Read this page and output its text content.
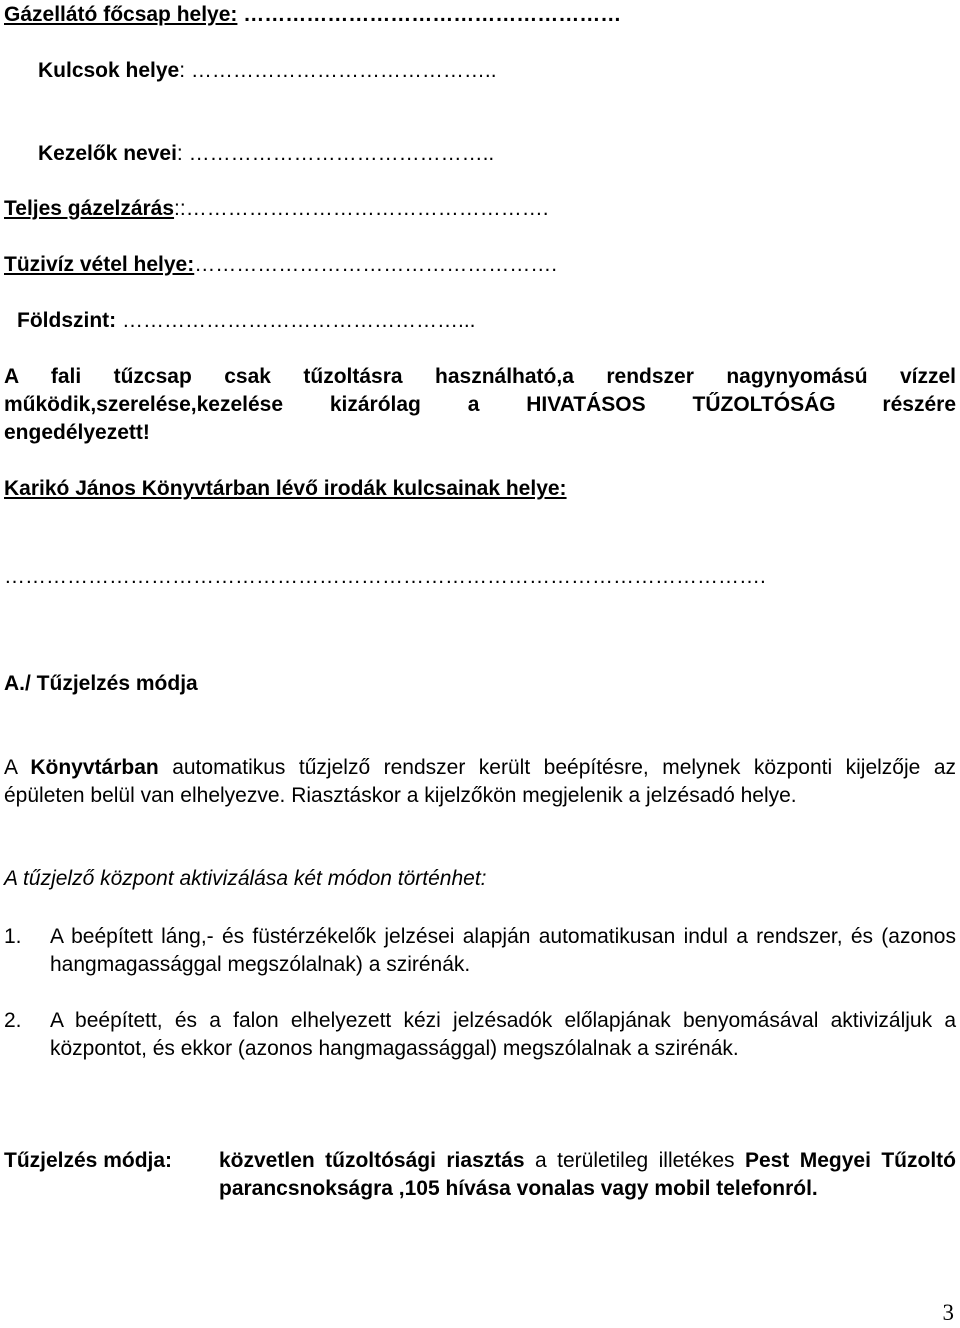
Gázellátó főcsap helye: ………………………………………………
Kulcsok helye: ……………………………………..
Kezelők nevei: ……………………………………..
Teljes gázelzárás::…………………………………………….
Tüzivíz vétel helye:…………………………………………….
Földszint: …………………………………………...
A fali tűzcsap csak tűzoltásra használható,a rendszer nagynyomású vízzel
működik,szerelése,kezelése kizárólag a HIVATÁSOS TŰZOLTÓSÁG részére
engedélyezett!
Karikó János Könyvtárban lévő irodák kulcsainak helye:
……………………………………………………………………………………………….
A./ Tűzjelzés módja
A Könyvtárban automatikus tűzjelző rendszer került beépítésre, melynek központi kijelzője az épületen belül van elhelyezve. Riasztáskor a kijelzőkön megjelenik a jelzésadó helye.
A tűzjelző központ aktivizálása két módon történhet:
1. A beépített láng,- és füstérzékelők jelzései alapján automatikusan indul a rendszer, és (azonos hangmagassággal megszólalnak) a szirénák.
2. A beépített, és a falon elhelyezett kézi jelzésadók előlapjának benyomásával aktivizáljuk a központot, és ekkor (azonos hangmagassággal) megszólalnak a szirénák.
Tűzjelzés módja: közvetlen tűzoltósági riasztás a területileg illetékes Pest Megyei Tűzoltó parancsnokságra ,105 hívása vonalas vagy mobil telefonról.
3
